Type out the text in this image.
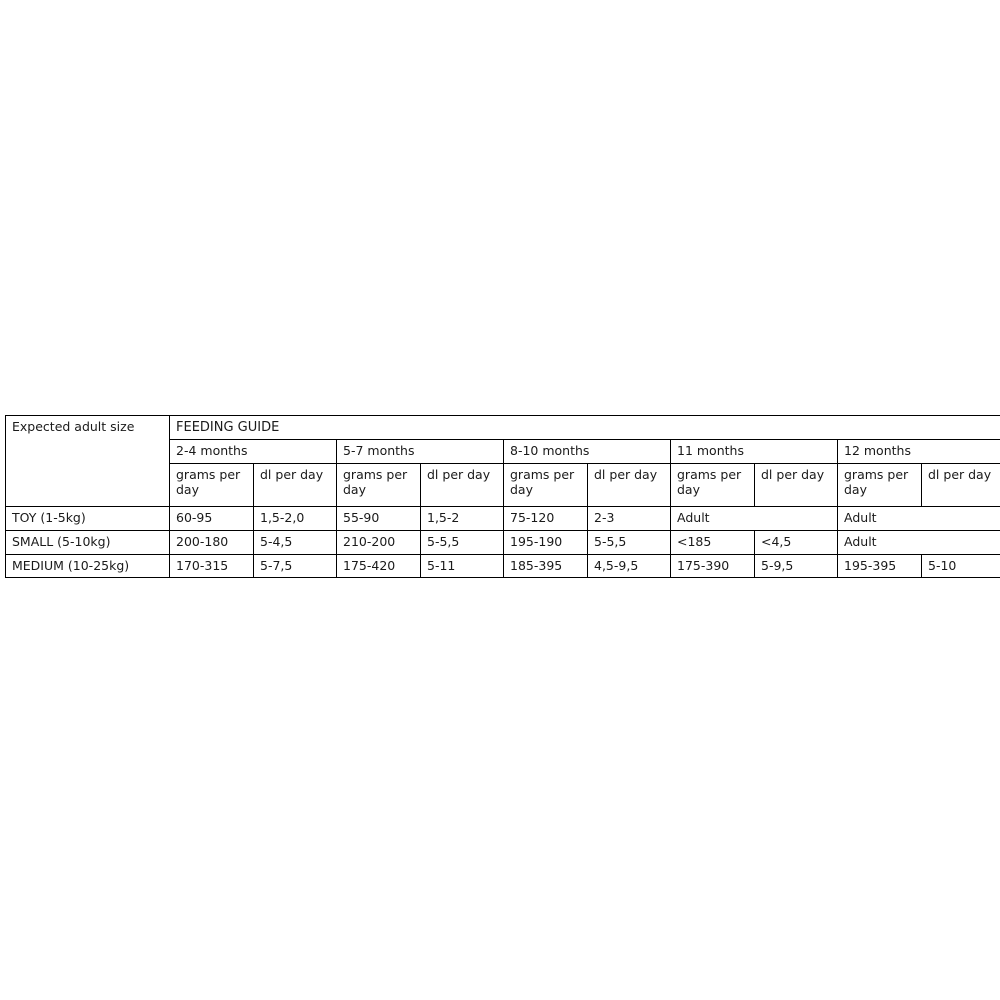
Expected adult size	FEEDING GUIDE									
	2-4 months		5-7 months		8-10 months		11 months		12 months	
	grams per day	dl per day	grams per day	dl per day	grams per day	dl per day	grams per day	dl per day	grams per day	dl per day
TOY (1-5kg)	60-95	1,5-2,0	55-90	1,5-2	75-120	2-3	Adult		Adult	
SMALL (5-10kg)	200-180	5-4,5	210-200	5-5,5	195-190	5-5,5	<185	<4,5	Adult	
MEDIUM (10-25kg)	170-315	5-7,5	175-420	5-11	185-395	4,5-9,5	175-390	5-9,5	195-395	5-10
